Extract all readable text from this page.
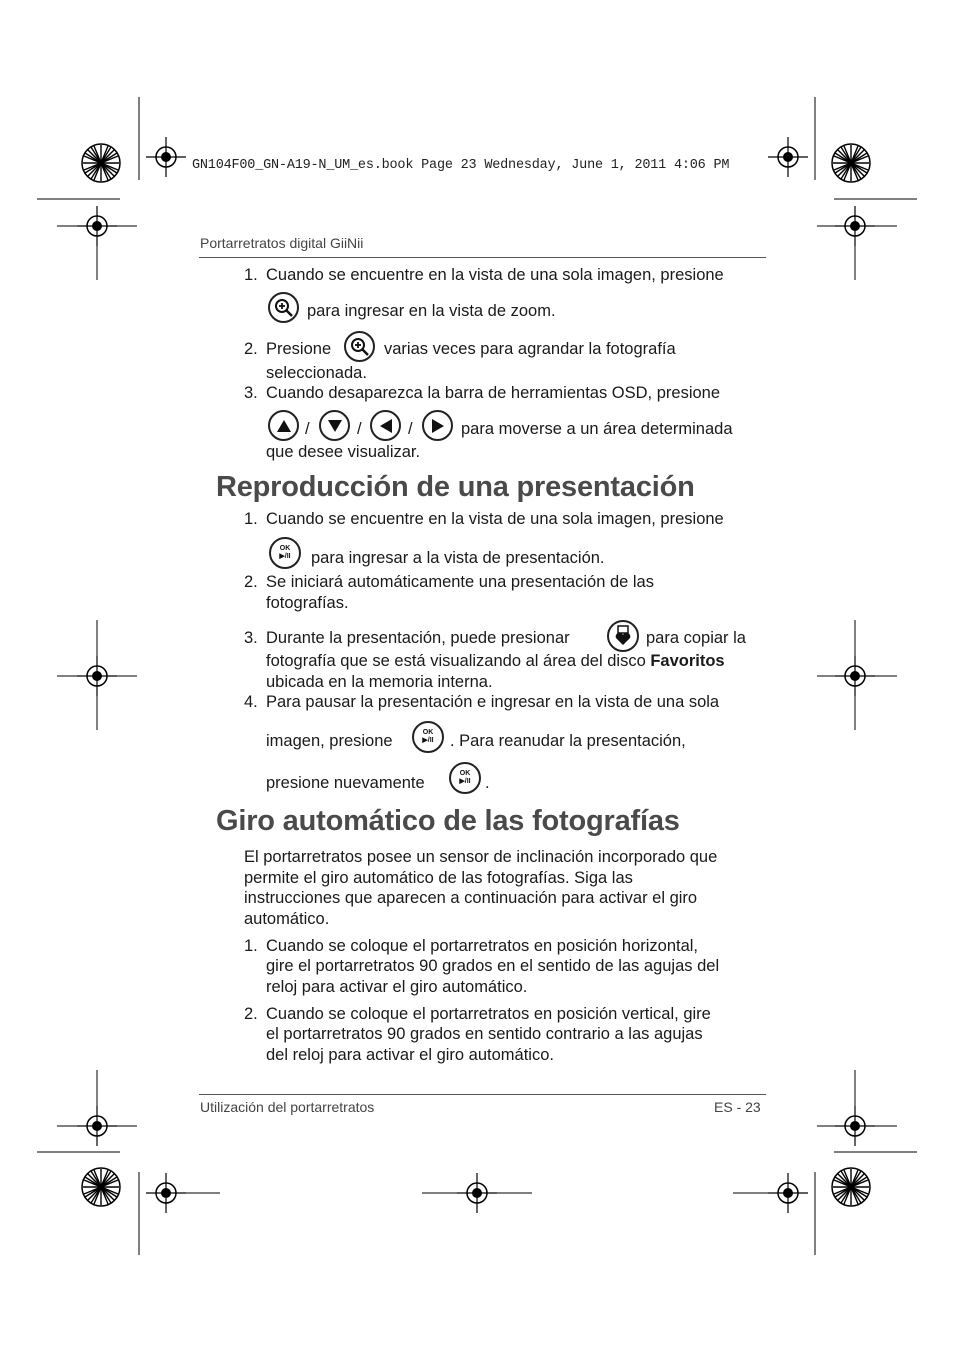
GN104F00_GN-A19-N_UM_es.book Page 23 Wednesday, June 1, 2011 4:06 PM
Portarretratos digital GiiNii
1. Cuando se encuentre en la vista de una sola imagen, presione
para ingresar en la vista de zoom.
2. Presione	varias veces para agrandar la fotografía
seleccionada.
3. Cuando desaparezca la barra de herramientas OSD, presione
/	/	/	para moverse a un área determinada
que desee visualizar.
Reproducción de una presentación
1. Cuando se encuentre en la vista de una sola imagen, presione
OK
▶/II para ingresar a la vista de presentación.
2. Se iniciará automáticamente una presentación de las
fotografías.
3. Durante la presentación, puede presionar	para copiar la
fotografía que se está visualizando al área del disco Favoritos
ubicada en la memoria interna.
4. Para pausar la presentación e ingresar en la vista de una sola
imagen, presione	OK
▶/II . Para reanudar la presentación,
presione nuevamente
OK
▶/II .
Giro automático de las fotografías
El portarretratos posee un sensor de inclinación incorporado que
permite el giro automático de las fotografías. Siga las
instrucciones que aparecen a continuación para activar el giro
automático.
1. Cuando se coloque el portarretratos en posición horizontal,
gire el portarretratos 90 grados en el sentido de las agujas del
reloj para activar el giro automático.
2. Cuando se coloque el portarretratos en posición vertical, gire
el portarretratos 90 grados en sentido contrario a las agujas
del reloj para activar el giro automático.
Utilización del portarretratos	ES - 23
